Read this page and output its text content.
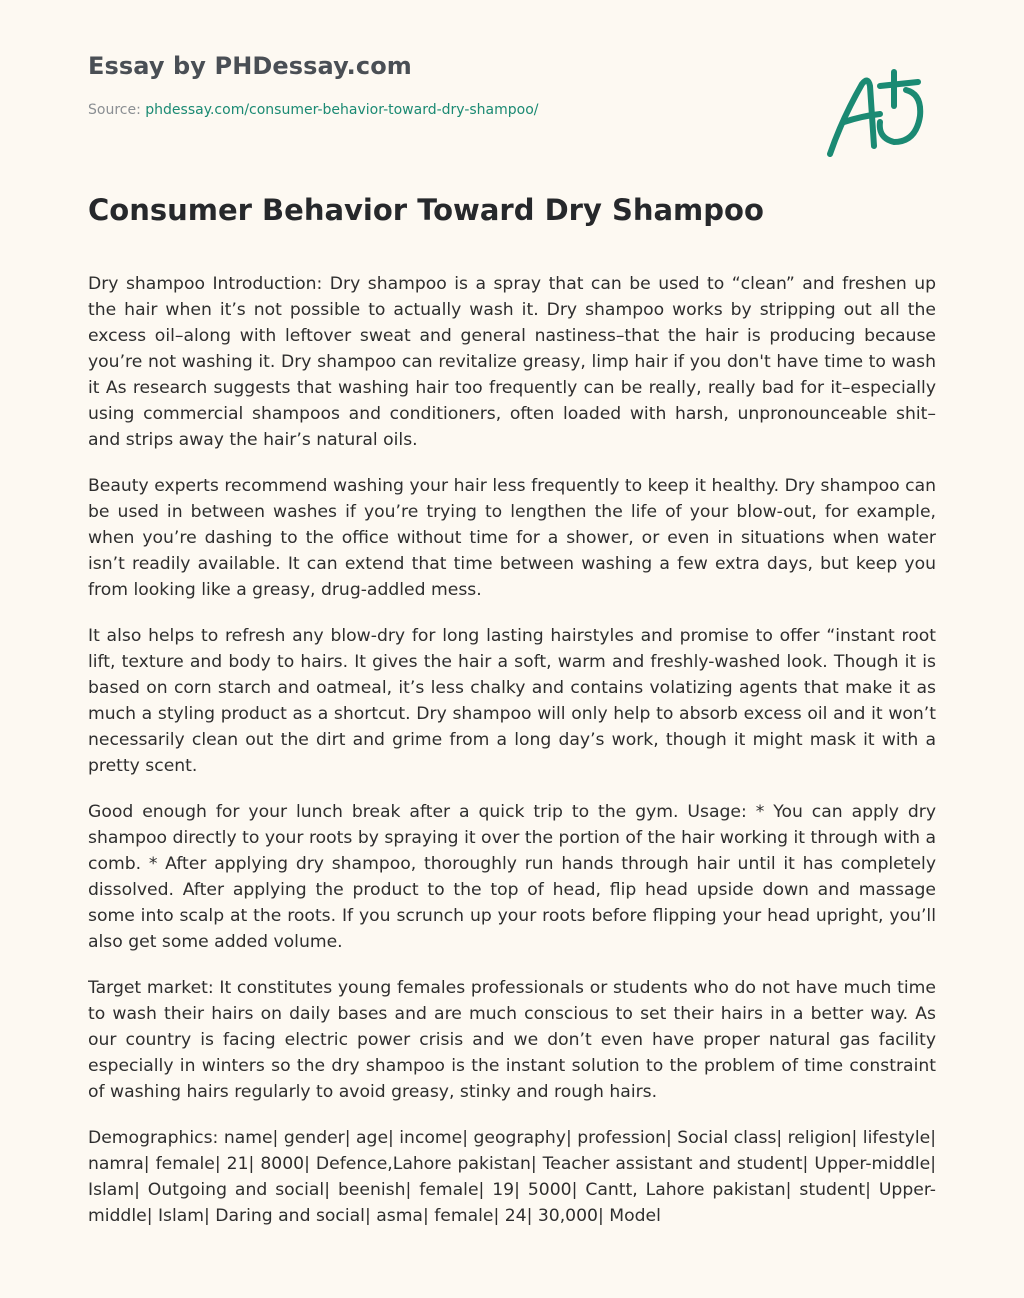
Essay by PHDessay.com
Source: phdessay.com/consumer-behavior-toward-dry-shampoo/
Consumer Behavior Toward Dry Shampoo

Dry shampoo Introduction: Dry shampoo is a spray that can be used to “clean” and freshen up the hair when it’s not possible to actually wash it. Dry shampoo works by stripping out all the excess oil–along with leftover sweat and general nastiness–that the hair is producing because you’re not washing it. Dry shampoo can revitalize greasy, limp hair if you don't have time to wash it As research suggests that washing hair too frequently can be really, really bad for it–especially using commercial shampoos and conditioners, often loaded with harsh, unpronounceable shit–and strips away the hair’s natural oils.

Beauty experts recommend washing your hair less frequently to keep it healthy. Dry shampoo can be used in between washes if you’re trying to lengthen the life of your blow-out, for example, when you’re dashing to the office without time for a shower, or even in situations when water isn’t readily available. It can extend that time between washing a few extra days, but keep you from looking like a greasy, drug-addled mess.

It also helps to refresh any blow-dry for long lasting hairstyles and promise to offer “instant root lift, texture and body to hairs. It gives the hair a soft, warm and freshly-washed look. Though it is based on corn starch and oatmeal, it’s less chalky and contains volatizing agents that make it as much a styling product as a shortcut. Dry shampoo will only help to absorb excess oil and it won’t necessarily clean out the dirt and grime from a long day’s work, though it might mask it with a pretty scent.

Good enough for your lunch break after a quick trip to the gym. Usage: * You can apply dry shampoo directly to your roots by spraying it over the portion of the hair working it through with a comb. * After applying dry shampoo, thoroughly run hands through hair until it has completely dissolved. After applying the product to the top of head, flip head upside down and massage some into scalp at the roots. If you scrunch up your roots before flipping your head upright, you’ll also get some added volume.

Target market: It constitutes young females professionals or students who do not have much time to wash their hairs on daily bases and are much conscious to set their hairs in a better way. As our country is facing electric power crisis and we don’t even have proper natural gas facility especially in winters so the dry shampoo is the instant solution to the problem of time constraint of washing hairs regularly to avoid greasy, stinky and rough hairs.

Demographics: name| gender| age| income| geography| profession| Social class| religion| lifestyle| namra| female| 21| 8000| Defence,Lahore pakistan| Teacher assistant and student| Upper-middle| Islam| Outgoing and social| beenish| female| 19| 5000| Cantt, Lahore pakistan| student| Upper-middle| Islam| Daring and social| asma| female| 24| 30,000| Model
